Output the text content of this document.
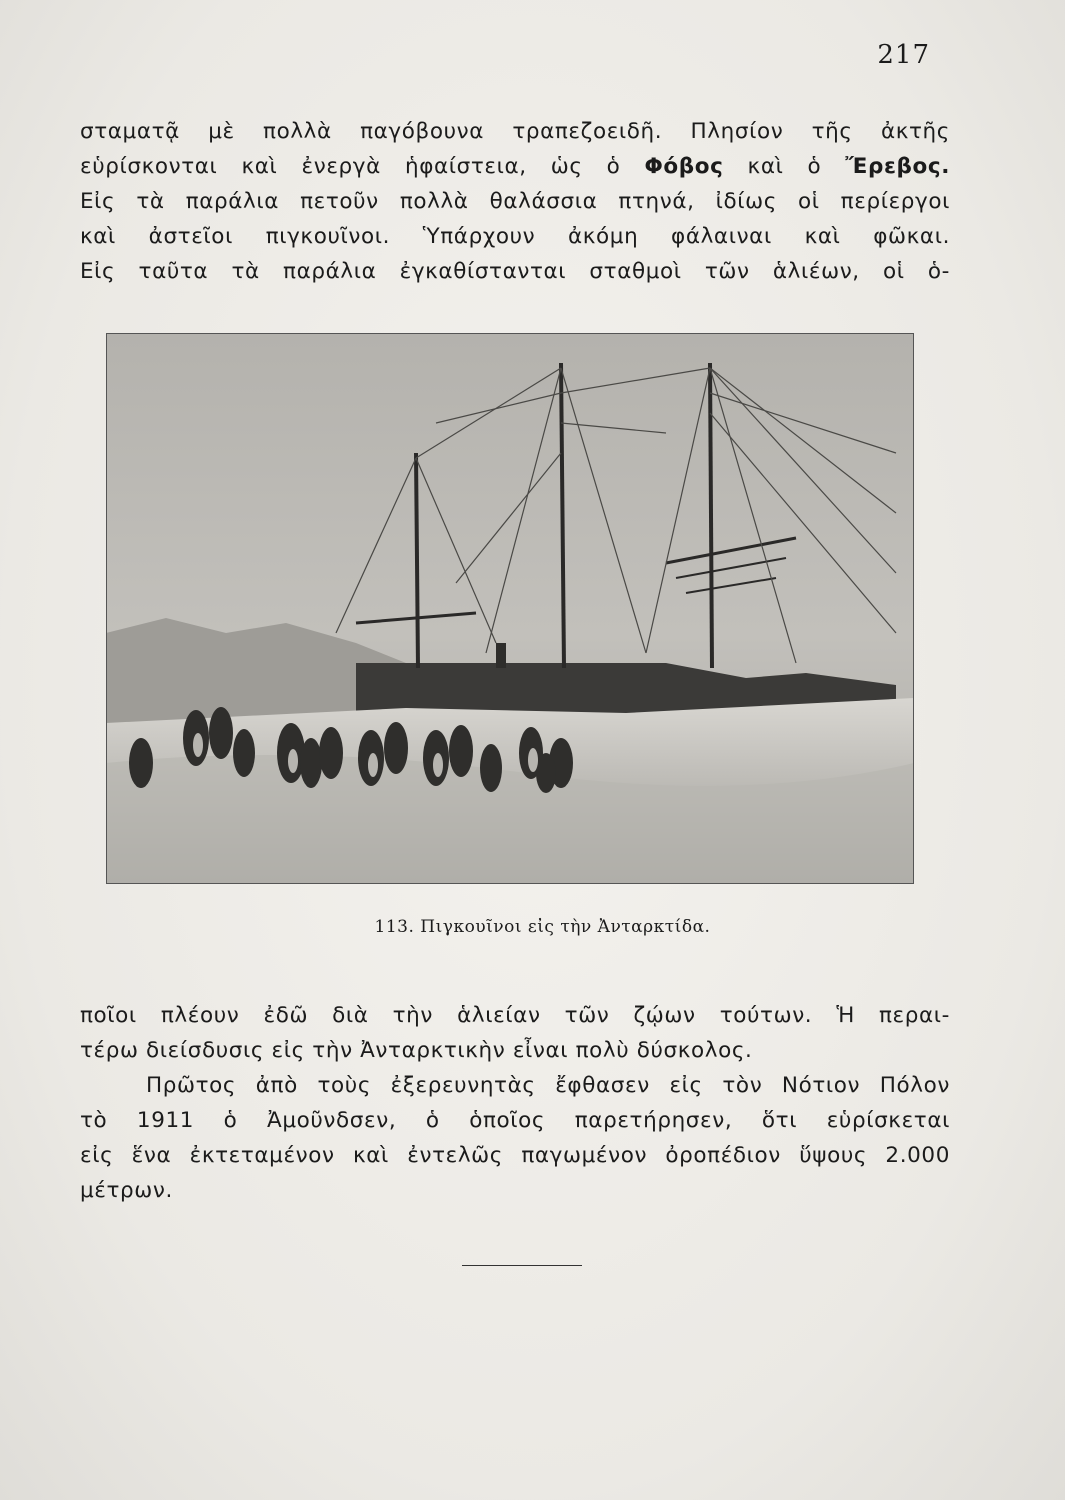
217
σταματᾷ μὲ πολλὰ παγόβουνα τραπεζοειδῆ. Πλησίον τῆς ἀκτῆς
εὑρίσκονται καὶ ἐνεργὰ ἡφαίστεια, ὡς ὁ Φόβος καὶ ὁ Ἔρεβος.
Εἰς τὰ παράλια πετοῦν πολλὰ θαλάσσια πτηνά, ἰδίως οἱ περίεργοι
καὶ ἀστεῖοι πιγκουῖνοι. Ὑπάρχουν ἀκόμη φάλαιναι καὶ φῶκαι.
Εἰς ταῦτα τὰ παράλια ἐγκαθίστανται σταθμοὶ τῶν ἁλιέων, οἱ ὁ-
113. Πιγκουῖνοι εἰς τὴν Ἀνταρκτίδα.
ποῖοι πλέουν ἐδῶ διὰ τὴν ἁλιείαν τῶν ζῴων τούτων. Ἡ περαι-
τέρω διείσδυσις εἰς τὴν Ἀνταρκτικὴν εἶναι πολὺ δύσκολος.
Πρῶτος ἀπὸ τοὺς ἐξερευνητὰς ἔφθασεν εἰς τὸν Νότιον Πόλον
τὸ 1911 ὁ Ἀμοῦνδσεν, ὁ ὁποῖος παρετήρησεν, ὅτι εὑρίσκεται
εἰς ἕνα ἐκτεταμένον καὶ ἐντελῶς παγωμένον ὀροπέδιον ὕψους 2.000
μέτρων.
